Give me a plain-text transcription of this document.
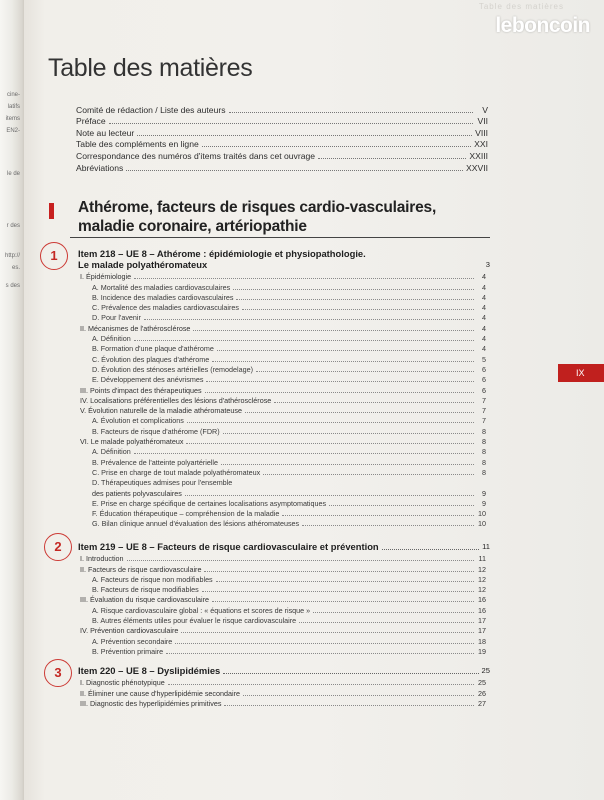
cine-
latifs
items
EN2-
le de
r des
http://
es.
s des
Table des matières
leboncoin
Table des matières
Comité de rédaction / Liste des auteurs	V
Préface	VII
Note au lecteur	VIII
Table des compléments en ligne	XXI
Correspondance des numéros d'items traités dans cet ouvrage	XXIII
Abréviations	XXVII
Athérome, facteurs de risques cardio-vasculaires, maladie coronaire, artériopathie
IX
1	Item 218 – UE 8 – Athérome : épidémiologie et physiopathologie.
Le malade polyathéromateux	3
I. Épidémiologie	4
A. Mortalité des maladies cardiovasculaires	4
B. Incidence des maladies cardiovasculaires	4
C. Prévalence des maladies cardiovasculaires	4
D. Pour l'avenir	4
II. Mécanismes de l'athérosclérose	4
A. Définition	4
B. Formation d'une plaque d'athérome	4
C. Évolution des plaques d'athérome	5
D. Évolution des sténoses artérielles (remodelage)	6
E. Développement des anévrismes	6
III. Points d'impact des thérapeutiques	6
IV. Localisations préférentielles des lésions d'athérosclérose	7
V. Évolution naturelle de la maladie athéromateuse	7
A. Évolution et complications	7
B. Facteurs de risque d'athérome (FDR)	8
VI. Le malade polyathéromateux	8
A. Définition	8
B. Prévalence de l'atteinte polyartérielle	8
C. Prise en charge de tout malade polyathéromateux	8
D. Thérapeutiques admises pour l'ensemble
des patients polyvasculaires	9
E. Prise en charge spécifique de certaines localisations asymptomatiques	9
F. Éducation thérapeutique – compréhension de la maladie	10
G. Bilan clinique annuel d'évaluation des lésions athéromateuses	10
2	Item 219 – UE 8 – Facteurs de risque cardiovasculaire et prévention	11
I. Introduction	11
II. Facteurs de risque cardiovasculaire	12
A. Facteurs de risque non modifiables	12
B. Facteurs de risque modifiables	12
III. Évaluation du risque cardiovasculaire	16
A. Risque cardiovasculaire global : « équations et scores de risque »	16
B. Autres éléments utiles pour évaluer le risque cardiovasculaire	17
IV. Prévention cardiovasculaire	17
A. Prévention secondaire	18
B. Prévention primaire	19
3	Item 220 – UE 8 – Dyslipidémies	25
I. Diagnostic phénotypique	25
II. Éliminer une cause d'hyperlipidémie secondaire	26
III. Diagnostic des hyperlipidémies primitives	27
